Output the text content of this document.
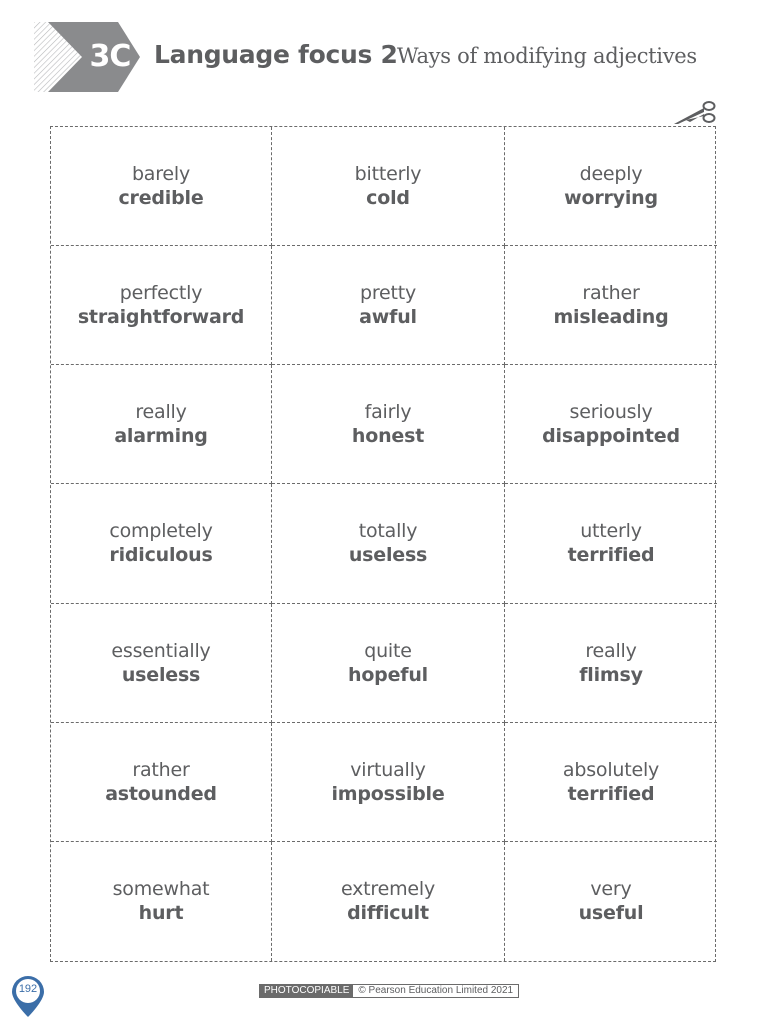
3C Language focus 2 Ways of modifying adjectives
barely
credible
bitterly
cold
deeply
worrying
perfectly
straightforward
pretty
awful
rather
misleading
really
alarming
fairly
honest
seriously
disappointed
completely
ridiculous
totally
useless
utterly
terrified
essentially
useless
quite
hopeful
really
flimsy
rather
astounded
virtually
impossible
absolutely
terrified
somewhat
hurt
extremely
difficult
very
useful
192	PHOTOCOPIABLE © Pearson Education Limited 2021
